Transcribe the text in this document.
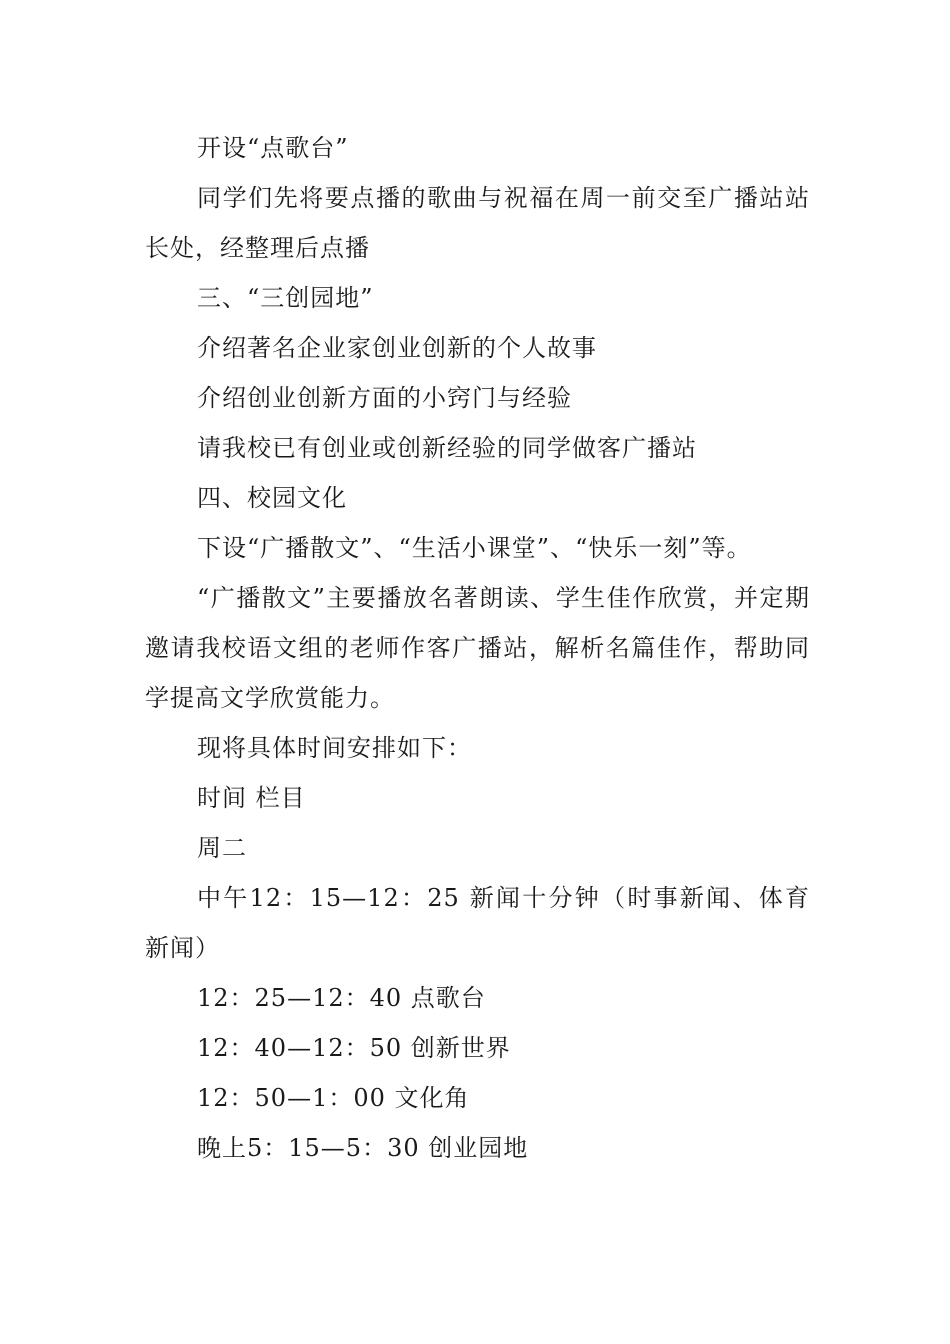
开设“点歌台”

同学们先将要点播的歌曲与祝福在周一前交至广播站站长处，经整理后点播

三、“三创园地”

介绍著名企业家创业创新的个人故事

介绍创业创新方面的小窍门与经验

请我校已有创业或创新经验的同学做客广播站

四、校园文化

下设“广播散文”、“生活小课堂”、“快乐一刻”等。

“广播散文”主要播放名著朗读、学生佳作欣赏，并定期邀请我校语文组的老师作客广播站，解析名篇佳作，帮助同学提高文学欣赏能力。

现将具体时间安排如下：

时间 栏目

周二

中午12：15—12：25 新闻十分钟（时事新闻、体育新闻）

12：25—12：40 点歌台

12：40—12：50 创新世界

12：50—1：00 文化角

晚上5：15—5：30 创业园地
